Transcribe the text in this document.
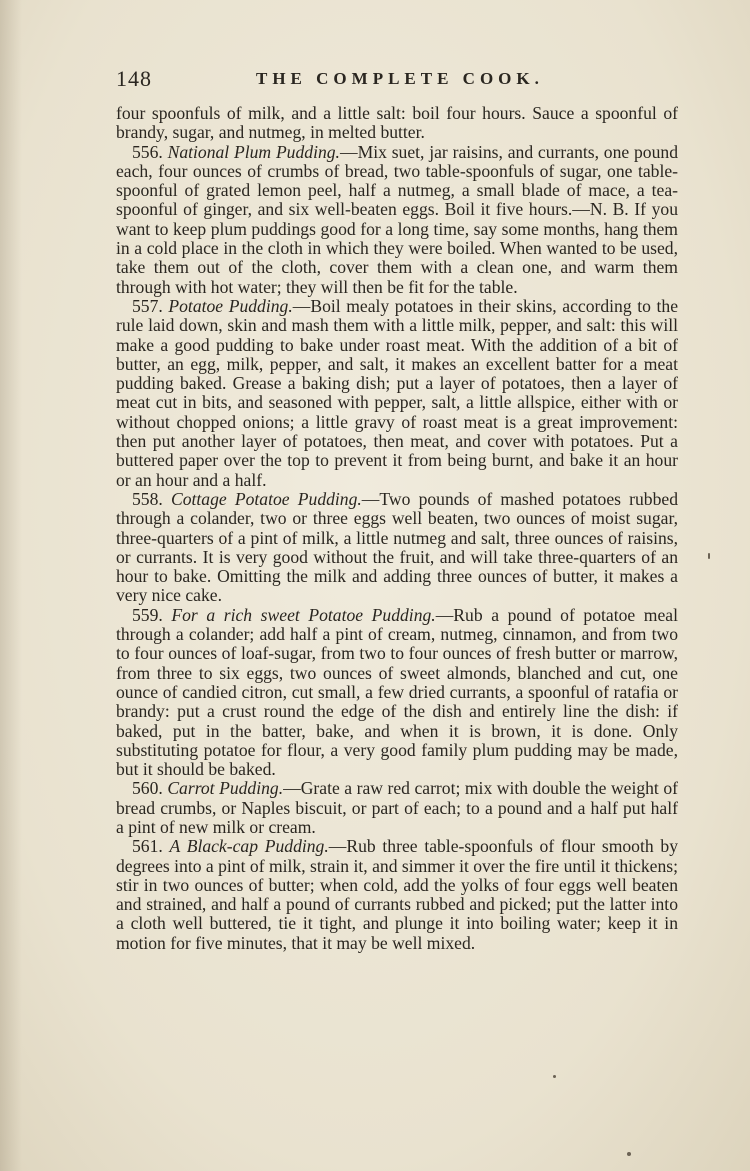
148	THE COMPLETE COOK.

four spoonfuls of milk, and a little salt: boil four hours. Sauce a spoonful of brandy, sugar, and nutmeg, in melted butter.

556. National Plum Pudding.—Mix suet, jar raisins, and currants, one pound each, four ounces of crumbs of bread, two table-spoonfuls of sugar, one table-spoonful of grated lemon peel, half a nutmeg, a small blade of mace, a tea-spoonful of ginger, and six well-beaten eggs. Boil it five hours.—N. B. If you want to keep plum puddings good for a long time, say some months, hang them in a cold place in the cloth in which they were boiled. When wanted to be used, take them out of the cloth, cover them with a clean one, and warm them through with hot water; they will then be fit for the table.

557. Potatoe Pudding.—Boil mealy potatoes in their skins, according to the rule laid down, skin and mash them with a little milk, pepper, and salt: this will make a good pudding to bake under roast meat. With the addition of a bit of butter, an egg, milk, pepper, and salt, it makes an excellent batter for a meat pudding baked. Grease a baking dish; put a layer of potatoes, then a layer of meat cut in bits, and seasoned with pepper, salt, a little allspice, either with or without chopped onions; a little gravy of roast meat is a great improvement: then put another layer of potatoes, then meat, and cover with potatoes. Put a buttered paper over the top to prevent it from being burnt, and bake it an hour or an hour and a half.

558. Cottage Potatoe Pudding.—Two pounds of mashed potatoes rubbed through a colander, two or three eggs well beaten, two ounces of moist sugar, three-quarters of a pint of milk, a little nutmeg and salt, three ounces of raisins, or currants. It is very good without the fruit, and will take three-quarters of an hour to bake. Omitting the milk and adding three ounces of butter, it makes a very nice cake.

559. For a rich sweet Potatoe Pudding.—Rub a pound of potatoe meal through a colander; add half a pint of cream, nutmeg, cinnamon, and from two to four ounces of loaf-sugar, from two to four ounces of fresh butter or marrow, from three to six eggs, two ounces of sweet almonds, blanched and cut, one ounce of candied citron, cut small, a few dried currants, a spoonful of ratafia or brandy: put a crust round the edge of the dish and entirely line the dish: if baked, put in the batter, bake, and when it is brown, it is done. Only substituting potatoe for flour, a very good family plum pudding may be made, but it should be baked.

560. Carrot Pudding.—Grate a raw red carrot; mix with double the weight of bread crumbs, or Naples biscuit, or part of each; to a pound and a half put half a pint of new milk or cream.

561. A Black-cap Pudding.—Rub three table-spoonfuls of flour smooth by degrees into a pint of milk, strain it, and simmer it over the fire until it thickens; stir in two ounces of butter; when cold, add the yolks of four eggs well beaten and strained, and half a pound of currants rubbed and picked; put the latter into a cloth well buttered, tie it tight, and plunge it into boiling water; keep it in motion for five minutes, that it may be well mixed.
